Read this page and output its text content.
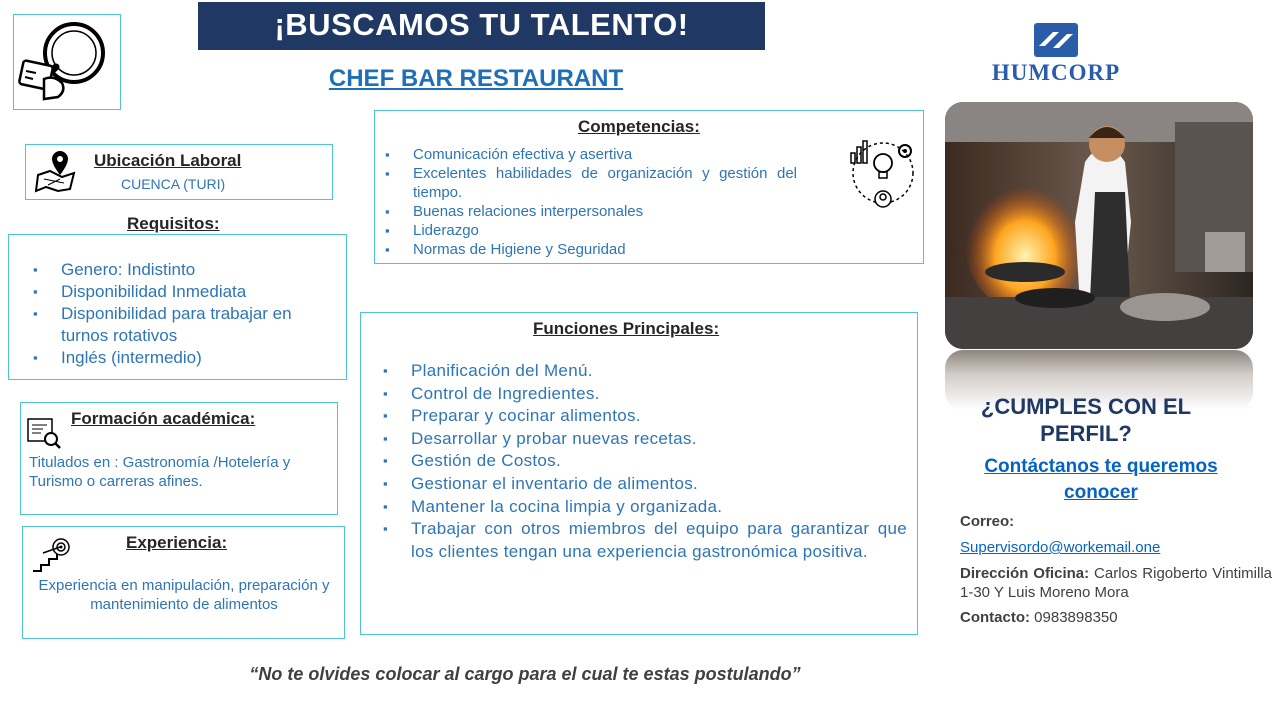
¡BUSCAMOS TU TALENTO!
CHEF BAR RESTAURANT	HUMCORP
Ubicación Laboral
CUENCA (TURI)
Requisitos:
▪ Genero: Indistinto
▪ Disponibilidad Inmediata
▪ Disponibilidad para trabajar en turnos rotativos
▪ Inglés (intermedio)
Formación académica:
Titulados en : Gastronomía /Hotelería y Turismo o carreras afines.
Experiencia:
Experiencia en manipulación, preparación y mantenimiento de alimentos
Competencias:
▪ Comunicación efectiva y asertiva
▪ Excelentes habilidades de organización y gestión del tiempo.
▪ Buenas relaciones interpersonales
▪ Liderazgo
▪ Normas de Higiene y Seguridad
Funciones Principales:
▪ Planificación del Menú.
▪ Control de Ingredientes.
▪ Preparar y cocinar alimentos.
▪ Desarrollar y probar nuevas recetas.
▪ Gestión de Costos.
▪ Gestionar el inventario de alimentos.
▪ Mantener la cocina limpia y organizada.
▪ Trabajar con otros miembros del equipo para garantizar que los clientes tengan una experiencia gastronómica positiva.
¿CUMPLES CON EL PERFIL?
Contáctanos te queremos conocer
Correo:
Supervisordo@workemail.one
Dirección Oficina: Carlos Rigoberto Vintimilla 1-30 Y Luis Moreno Mora
Contacto: 0983898350
“No te olvides colocar al cargo para el cual te estas postulando”
